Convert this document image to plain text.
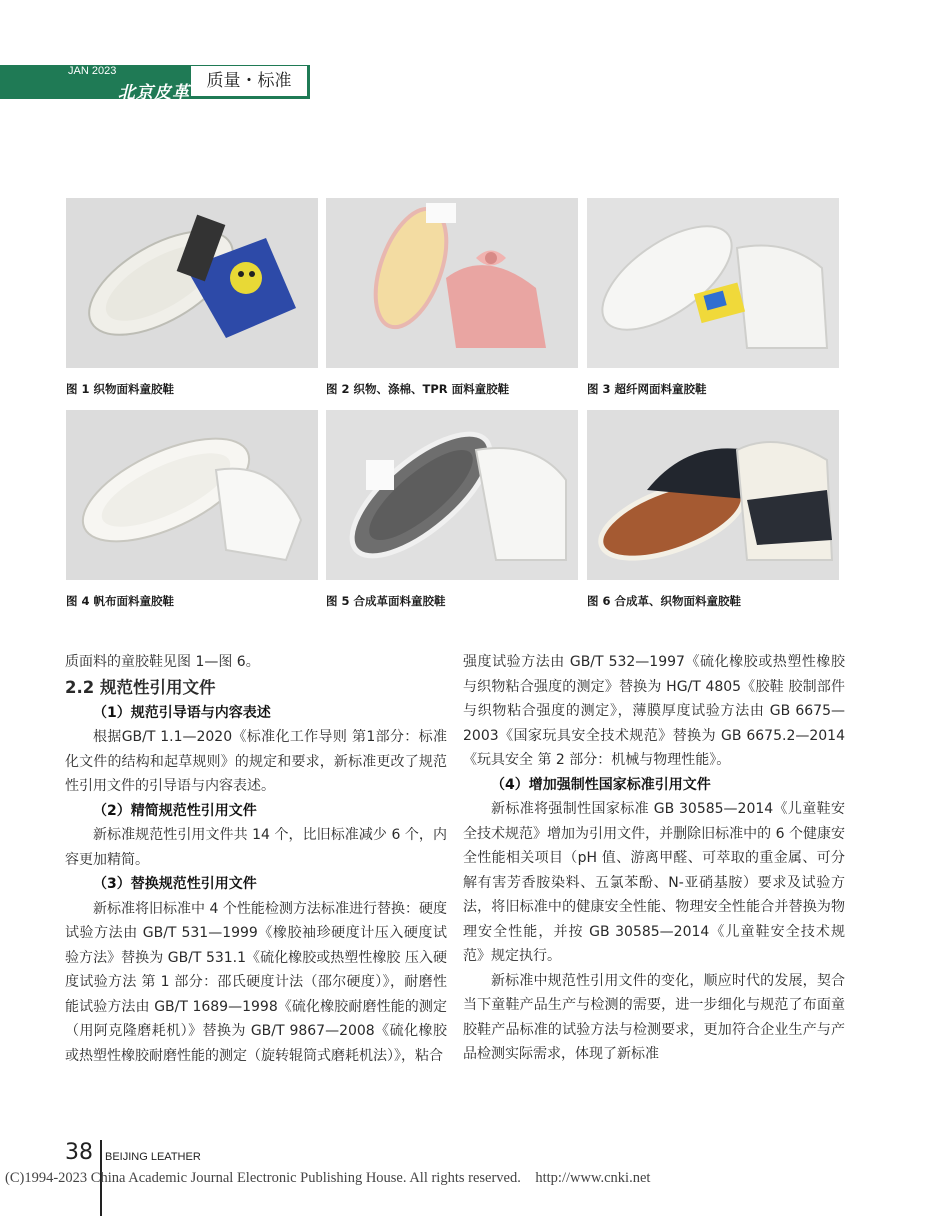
JAN 2023
北京皮革
质量・标准
图 1 织物面料童胶鞋	图 2 织物、涤棉、TPR 面料童胶鞋	图 3 超纤网面料童胶鞋
图 4 帆布面料童胶鞋	图 5 合成革面料童胶鞋	图 6 合成革、织物面料童胶鞋

质面料的童胶鞋见图 1—图 6。

2.2 规范性引用文件

（1）规范引导语与内容表述

根据GB/T 1.1—2020《标准化工作导则 第1部分：标准化文件的结构和起草规则》的规定和要求，新标准更改了规范性引用文件的引导语与内容表述。

（2）精简规范性引用文件

新标准规范性引用文件共 14 个，比旧标准减少 6 个，内容更加精简。

（3）替换规范性引用文件

新标准将旧标准中 4 个性能检测方法标准进行替换：硬度试验方法由 GB/T 531—1999《橡胶袖珍硬度计压入硬度试验方法》替换为 GB/T 531.1《硫化橡胶或热塑性橡胶 压入硬度试验方法 第 1 部分：邵氏硬度计法（邵尔硬度）》，耐磨性能试验方法由 GB/T 1689—1998《硫化橡胶耐磨性能的测定（用阿克隆磨耗机）》替换为 GB/T 9867—2008《硫化橡胶或热塑性橡胶耐磨性能的测定（旋转辊筒式磨耗机法）》，粘合

强度试验方法由 GB/T 532—1997《硫化橡胶或热塑性橡胶与织物粘合强度的测定》替换为 HG/T 4805《胶鞋 胶制部件与织物粘合强度的测定》，薄膜厚度试验方法由 GB 6675—2003《国家玩具安全技术规范》替换为 GB 6675.2—2014《玩具安全 第 2 部分：机械与物理性能》。

（4）增加强制性国家标准引用文件

新标准将强制性国家标准 GB 30585—2014《儿童鞋安全技术规范》增加为引用文件，并删除旧标准中的 6 个健康安全性能相关项目（pH 值、游离甲醛、可萃取的重金属、可分解有害芳香胺染料、五氯苯酚、N-亚硝基胺）要求及试验方法，将旧标准中的健康安全性能、物理安全性能合并替换为物理安全性能，并按 GB 30585—2014《儿童鞋安全技术规范》规定执行。

新标准中规范性引用文件的变化，顺应时代的发展，契合当下童鞋产品生产与检测的需要，进一步细化与规范了布面童胶鞋产品标准的试验方法与检测要求，更加符合企业生产与产品检测实际需求，体现了新标准

38 BEIJING LEATHER
(C)1994-2023 China Academic Journal Electronic Publishing House. All rights reserved.    http://www.cnki.net
